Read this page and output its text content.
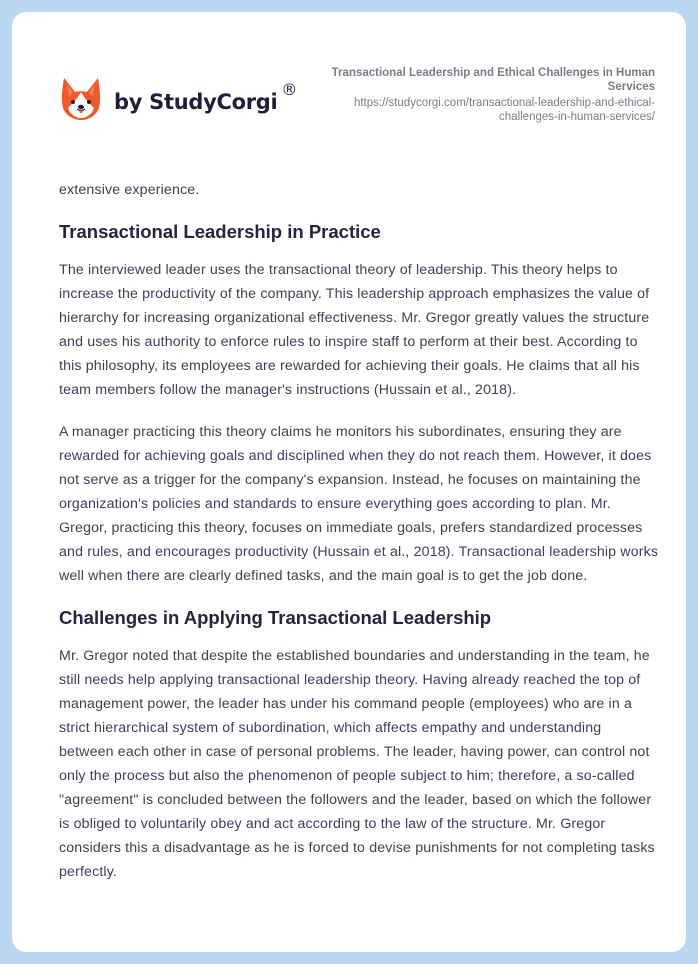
by StudyCorgi
®
Transactional Leadership and Ethical Challenges in Human Services
https://studycorgi.com/transactional-leadership-and-ethical-challenges-in-human-services/

extensive experience.

Transactional Leadership in Practice

The interviewed leader uses the transactional theory of leadership. This theory helps to increase the productivity of the company. This leadership approach emphasizes the value of hierarchy for increasing organizational effectiveness. Mr. Gregor greatly values the structure and uses his authority to enforce rules to inspire staff to perform at their best. According to this philosophy, its employees are rewarded for achieving their goals. He claims that all his team members follow the manager's instructions (Hussain et al., 2018).

A manager practicing this theory claims he monitors his subordinates, ensuring they are rewarded for achieving goals and disciplined when they do not reach them. However, it does not serve as a trigger for the company's expansion. Instead, he focuses on maintaining the organization's policies and standards to ensure everything goes according to plan. Mr. Gregor, practicing this theory, focuses on immediate goals, prefers standardized processes and rules, and encourages productivity (Hussain et al., 2018). Transactional leadership works well when there are clearly defined tasks, and the main goal is to get the job done.

Challenges in Applying Transactional Leadership

Mr. Gregor noted that despite the established boundaries and understanding in the team, he still needs help applying transactional leadership theory. Having already reached the top of management power, the leader has under his command people (employees) who are in a strict hierarchical system of subordination, which affects empathy and understanding between each other in case of personal problems. The leader, having power, can control not only the process but also the phenomenon of people subject to him; therefore, a so-called "agreement" is concluded between the followers and the leader, based on which the follower is obliged to voluntarily obey and act according to the law of the structure. Mr. Gregor considers this a disadvantage as he is forced to devise punishments for not completing tasks perfectly.
